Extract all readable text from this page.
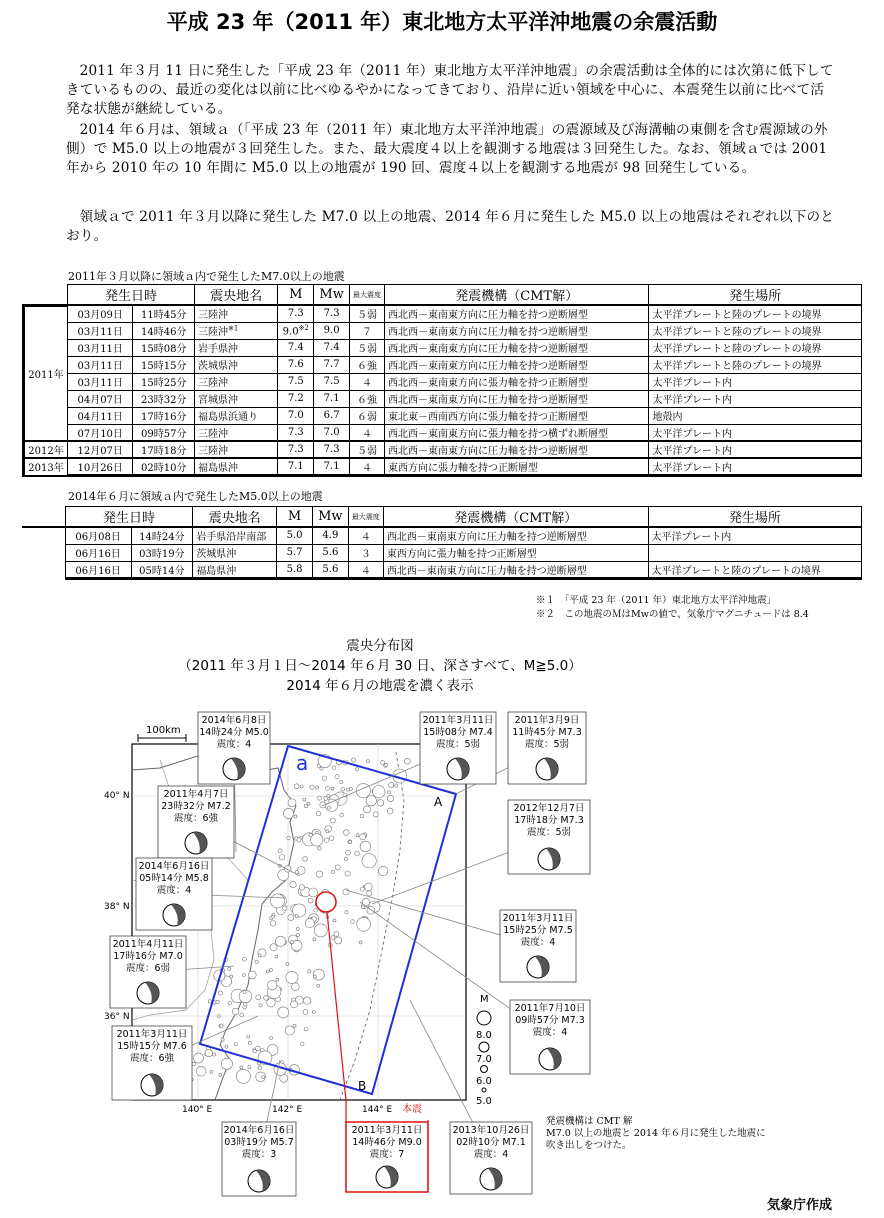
平成 23 年（2011 年）東北地方太平洋沖地震の余震活動

2011 年３月 11 日に発生した「平成 23 年（2011 年）東北地方太平洋沖地震」の余震活動は全体的には次第に低下してきているものの、最近の変化は以前に比べゆるやかになってきており、沿岸に近い領域を中心に、本震発生以前に比べて活発な状態が継続している。

2014 年６月は、領域ａ（「平成 23 年（2011 年）東北地方太平洋沖地震」の震源域及び海溝軸の東側を含む震源域の外側）で M5.0 以上の地震が３回発生した。また、最大震度４以上を観測する地震は３回発生した。なお、領域ａでは 2001 年から 2010 年の 10 年間に M5.0 以上の地震が 190 回、震度４以上を観測する地震が 98 回発生している。

領域ａで 2011 年３月以降に発生した M7.0 以上の地震、2014 年６月に発生した M5.0 以上の地震はそれぞれ以下のとおり。

2011年３月以降に領域ａ内で発生したM7.0以上の地震
	発生日時		震央地名	M	Mw	最大震度	発震機構（CMT解）	発生場所
2011年	03月09日	11時45分	三陸沖	7.3	7.3	５弱	西北西－東南東方向に圧力軸を持つ逆断層型	太平洋プレートと陸のプレートの境界
	03月11日	14時46分	三陸沖$^{※1}$	9.0$^{※2}$	9.0	７	西北西－東南東方向に圧力軸を持つ逆断層型	太平洋プレートと陸のプレートの境界
	03月11日	15時08分	岩手県沖	7.4	7.4	５弱	西北西－東南東方向に圧力軸を持つ逆断層型	太平洋プレートと陸のプレートの境界
	03月11日	15時15分	茨城県沖	7.6	7.7	６強	西北西－東南東方向に圧力軸を持つ逆断層型	太平洋プレートと陸のプレートの境界
	03月11日	15時25分	三陸沖	7.5	7.5	４	西北西－東南東方向に張力軸を持つ正断層型	太平洋プレート内
	04月07日	23時32分	宮城県沖	7.2	7.1	６強	西北西－東南東方向に圧力軸を持つ逆断層型	太平洋プレート内
	04月11日	17時16分	福島県浜通り	7.0	6.7	６弱	東北東－西南西方向に張力軸を持つ正断層型	地殻内
	07月10日	09時57分	三陸沖	7.3	7.0	４	西北西－東南東方向に張力軸を持つ横ずれ断層型	太平洋プレート内
2012年	12月07日	17時18分	三陸沖	7.3	7.3	５弱	西北西－東南東方向に圧力軸を持つ逆断層型	太平洋プレート内
2013年	10月26日	02時10分	福島県沖	7.1	7.1	４	東西方向に張力軸を持つ正断層型	太平洋プレート内
2014年６月に領域ａ内で発生したM5.0以上の地震
	発生日時		震央地名	M	Mw	最大震度	発震機構（CMT解）	発生場所
	06月08日	14時24分	岩手県沿岸南部	5.0	4.9	４	西北西－東南東方向に圧力軸を持つ逆断層型	太平洋プレート内
	06月16日	03時19分	茨城県沖	5.7	5.6	３	東西方向に張力軸を持つ正断層型	
	06月16日	05時14分	福島県沖	5.8	5.6	４	西北西－東南東方向に圧力軸を持つ逆断層型	太平洋プレートと陸のプレートの境界
※１　「平成 23 年（2011 年）東北地方太平洋沖地震」
※２　この地震のＭはMwの値で、気象庁マグニチュードは 8.4
震央分布図
（2011 年３月１日～2014 年６月 30 日、深さすべて、M≧5.0）
2014 年６月の地震を濃く表示
100km
a
A
B
40° N
38° N
36° N
140° E	142° E	144° E 本震
M
8.0
7.0
6.0
5.0
2014年6月8日
14時24分 M5.0
震度：4
2011年3月11日
15時08分 M7.4
震度：5弱
2011年3月9日
11時45分 M7.3
震度：5弱
2011年4月7日
23時32分 M7.2
震度：6強
2012年12月7日
17時18分 M7.3
震度：5弱
2014年6月16日
05時14分 M5.8
震度：4
2011年3月11日
15時25分 M7.5
震度：4
2011年4月11日
17時16分 M7.0
震度：6弱
2011年7月10日
09時57分 M7.3
震度：4
2011年3月11日
15時15分 M7.6
震度：6強
2014年6月16日
03時19分 M5.7
震度：3
2011年3月11日
14時46分 M9.0
震度：7
2013年10月26日
02時10分 M7.1
震度：4
発震機構は CMT 解
M7.0 以上の地震と 2014 年６月に発生した地震に
吹き出しをつけた。
気象庁作成
